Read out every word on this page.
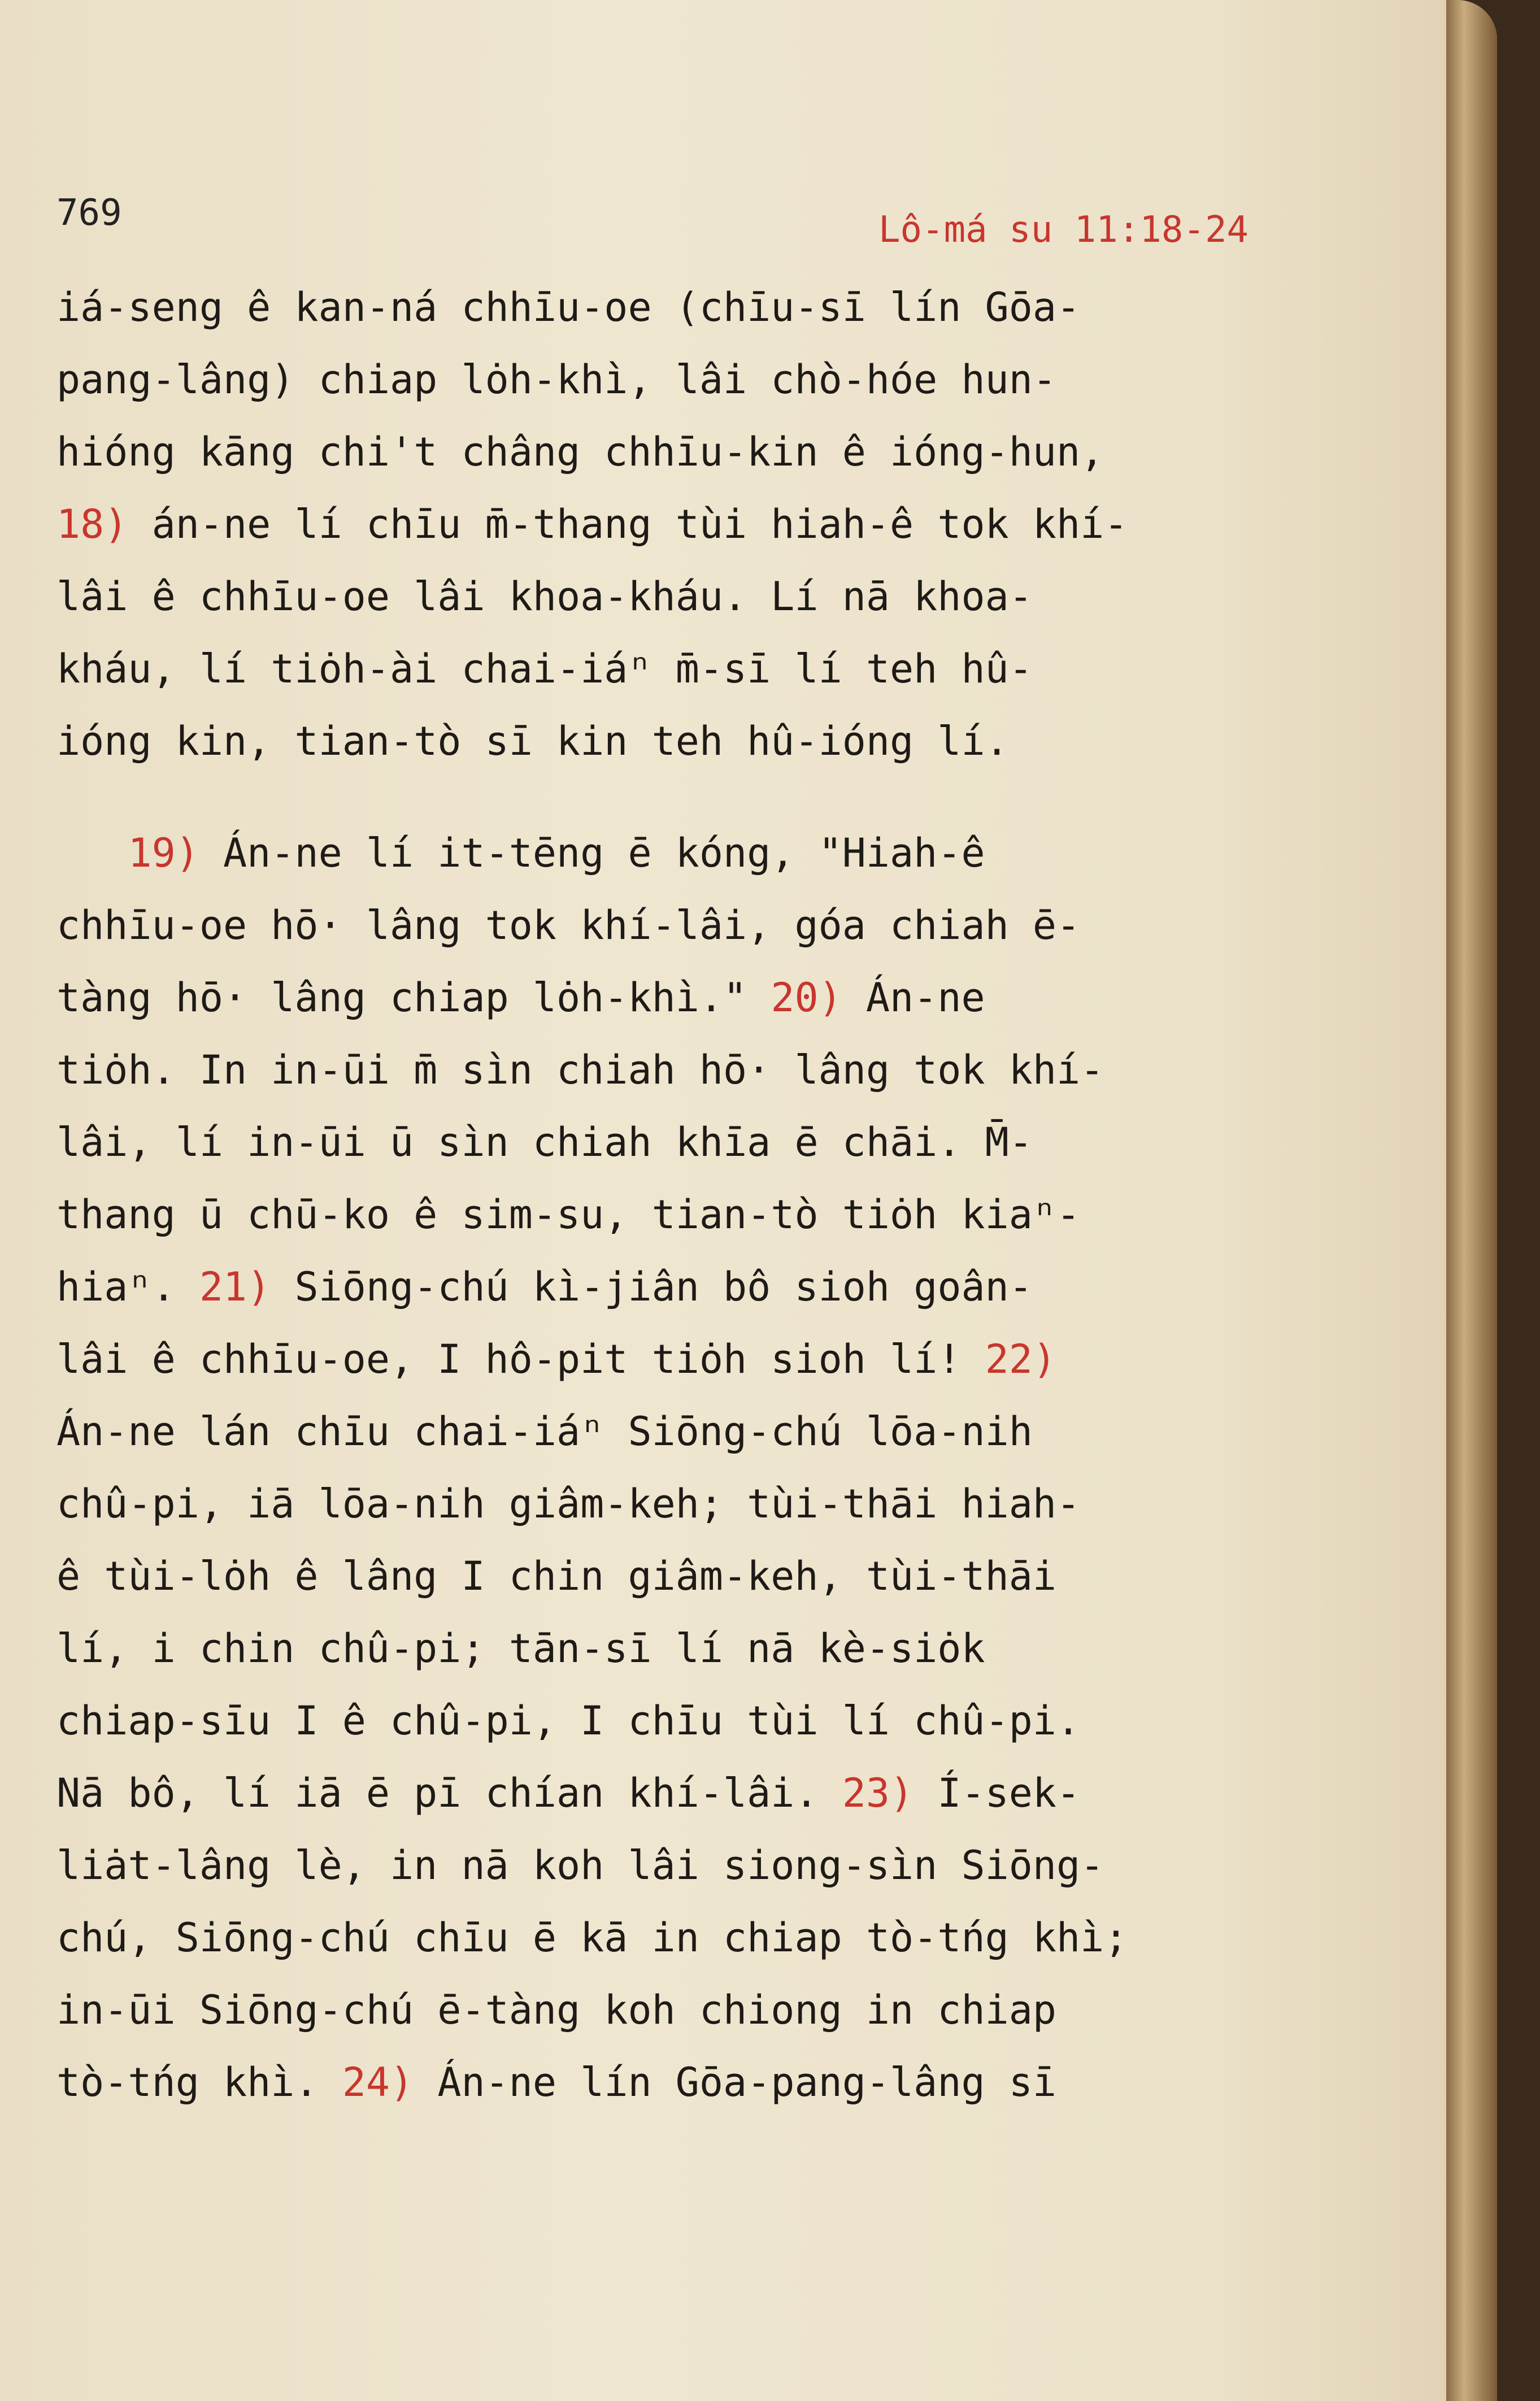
769	Lô-má su 11:18-24
iá-seng ê kan-ná chhīu-oe (chīu-sī lín Gōa-
pang-lâng) chiap lȯh-khì, lâi chò-hóe hun-
hióng kāng chi't châng chhīu-kin ê ióng-hun,
18) án-ne lí chīu m̄-thang tùi hiah-ê tok khí-
lâi ê chhīu-oe lâi khoa-kháu. Lí nā khoa-
kháu, lí tiȯh-ài chai-iáⁿ m̄-sī lí teh hû-
ióng kin, tian-tò sī kin teh hû-ióng lí.
19) Án-ne lí it-tēng ē kóng, "Hiah-ê
chhīu-oe hō· lâng tok khí-lâi, góa chiah ē-
tàng hō· lâng chiap lȯh-khì." 20) Án-ne
tiȯh. In in-ūi m̄ sìn chiah hō· lâng tok khí-
lâi, lí in-ūi ū sìn chiah khīa ē chāi. M̄-
thang ū chū-ko ê sim-su, tian-tò tiȯh kiaⁿ-
hiaⁿ. 21) Siōng-chú kì-jiân bô sioh goân-
lâi ê chhīu-oe, I hô-pit tiȯh sioh lí! 22)
Án-ne lán chīu chai-iáⁿ Siōng-chú lōa-nih
chû-pi, iā lōa-nih giâm-keh; tùi-thāi hiah-
ê tùi-lȯh ê lâng I chin giâm-keh, tùi-thāi
lí, i chin chû-pi; tān-sī lí nā kè-siȯk
chiap-sīu I ê chû-pi, I chīu tùi lí chû-pi.
Nā bô, lí iā ē pī chían khí-lâi. 23) Í-sek-
liȧt-lâng lè, in nā koh lâi siong-sìn Siōng-
chú, Siōng-chú chīu ē kā in chiap tò-tńg khì;
in-ūi Siōng-chú ē-tàng koh chiong in chiap
tò-tńg khì. 24) Án-ne lín Gōa-pang-lâng sī
